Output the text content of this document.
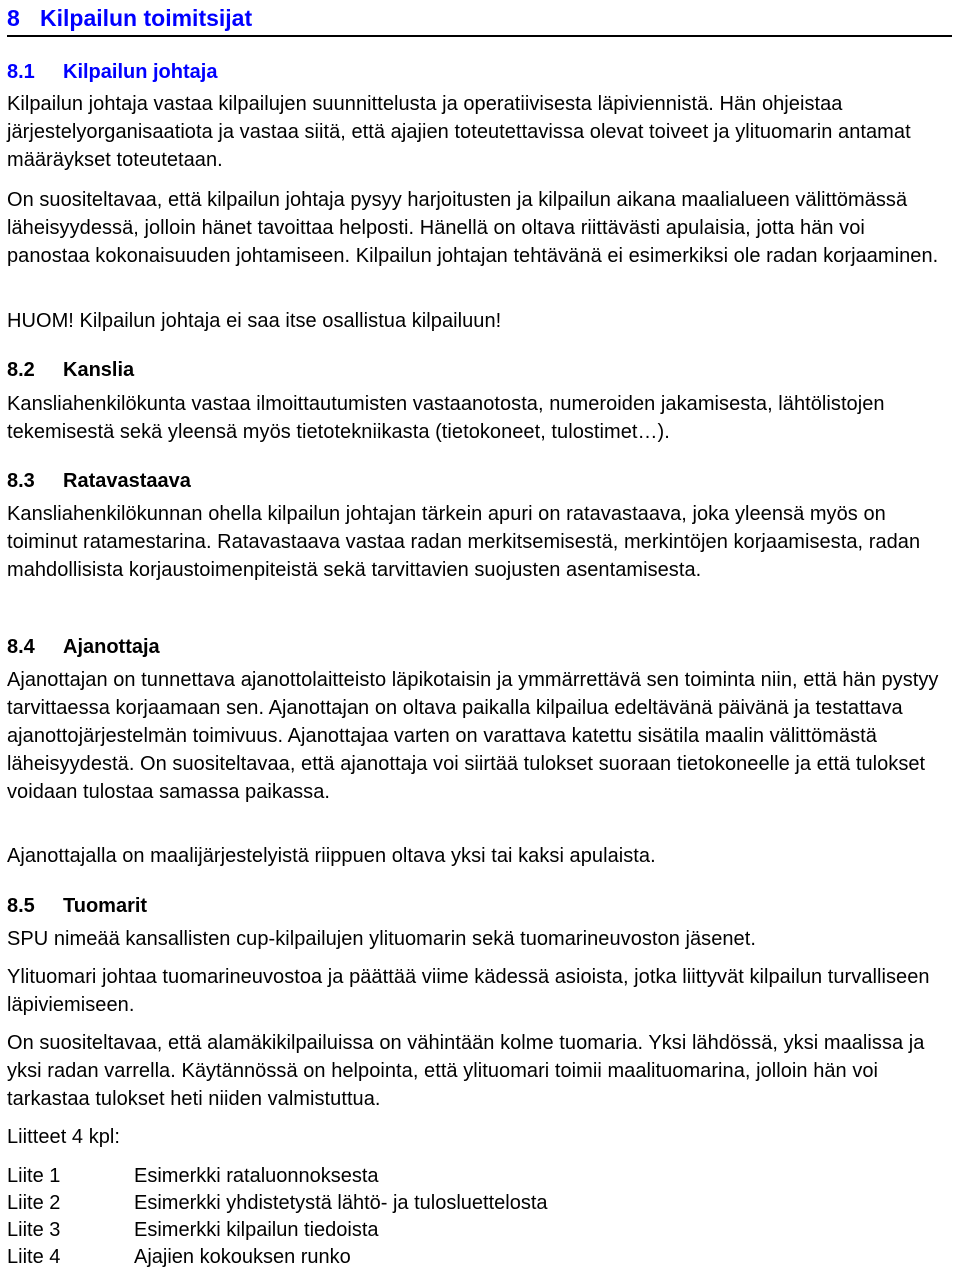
8 Kilpailun toimitsijat
8.1 Kilpailun johtaja
Kilpailun johtaja vastaa kilpailujen suunnittelusta ja operatiivisesta läpiviennistä. Hän ohjeistaa järjestelyorganisaatiota ja vastaa siitä, että ajajien toteutettavissa olevat toiveet ja ylituomarin antamat määräykset toteutetaan.
On suositeltavaa, että kilpailun johtaja pysyy harjoitusten ja kilpailun aikana maalialueen välittömässä läheisyydessä, jolloin hänet tavoittaa helposti. Hänellä on oltava riittävästi apulaisia, jotta hän voi panostaa kokonaisuuden johtamiseen. Kilpailun johtajan tehtävänä ei esimerkiksi ole radan korjaaminen.
HUOM! Kilpailun johtaja ei saa itse osallistua kilpailuun!
8.2 Kanslia
Kansliahenkilökunta vastaa ilmoittautumisten vastaanotosta, numeroiden jakamisesta, lähtölistojen tekemisestä sekä yleensä myös tietotekniikasta (tietokoneet, tulostimet…).
8.3 Ratavastaava
Kansliahenkilökunnan ohella kilpailun johtajan tärkein apuri on ratavastaava, joka yleensä myös on toiminut ratamestarina. Ratavastaava vastaa radan merkitsemisestä, merkintöjen korjaamisesta, radan mahdollisista korjaustoimenpiteistä sekä tarvittavien suojusten asentamisesta.
8.4 Ajanottaja
Ajanottajan on tunnettava ajanottolaitteisto läpikotaisin ja ymmärrettävä sen toiminta niin, että hän pystyy tarvittaessa korjaamaan sen. Ajanottajan on oltava paikalla kilpailua edeltävänä päivänä ja testattava ajanottojärjestelmän toimivuus. Ajanottajaa varten on varattava katettu sisätila maalin välittömästä läheisyydestä. On suositeltavaa, että ajanottaja voi siirtää tulokset suoraan tietokoneelle ja että tulokset voidaan tulostaa samassa paikassa.
Ajanottajalla on maalijärjestelyistä riippuen oltava yksi tai kaksi apulaista.
8.5 Tuomarit
SPU nimeää kansallisten cup-kilpailujen ylituomarin sekä tuomarineuvoston jäsenet.
Ylituomari johtaa tuomarineuvostoa ja päättää viime kädessä asioista, jotka liittyvät kilpailun turvalliseen läpiviemiseen.
On suositeltavaa, että alamäkikilpailuissa on vähintään kolme tuomaria. Yksi lähdössä, yksi maalissa ja yksi radan varrella. Käytännössä on helpointa, että ylituomari toimii maalituomarina, jolloin hän voi tarkastaa tulokset heti niiden valmistuttua.
Liitteet 4 kpl:
Liite 1	Esimerkki rataluonnoksesta
Liite 2	Esimerkki yhdistetystä lähtö- ja tulosluettelosta
Liite 3	Esimerkki kilpailun tiedoista
Liite 4	Ajajien kokouksen runko
